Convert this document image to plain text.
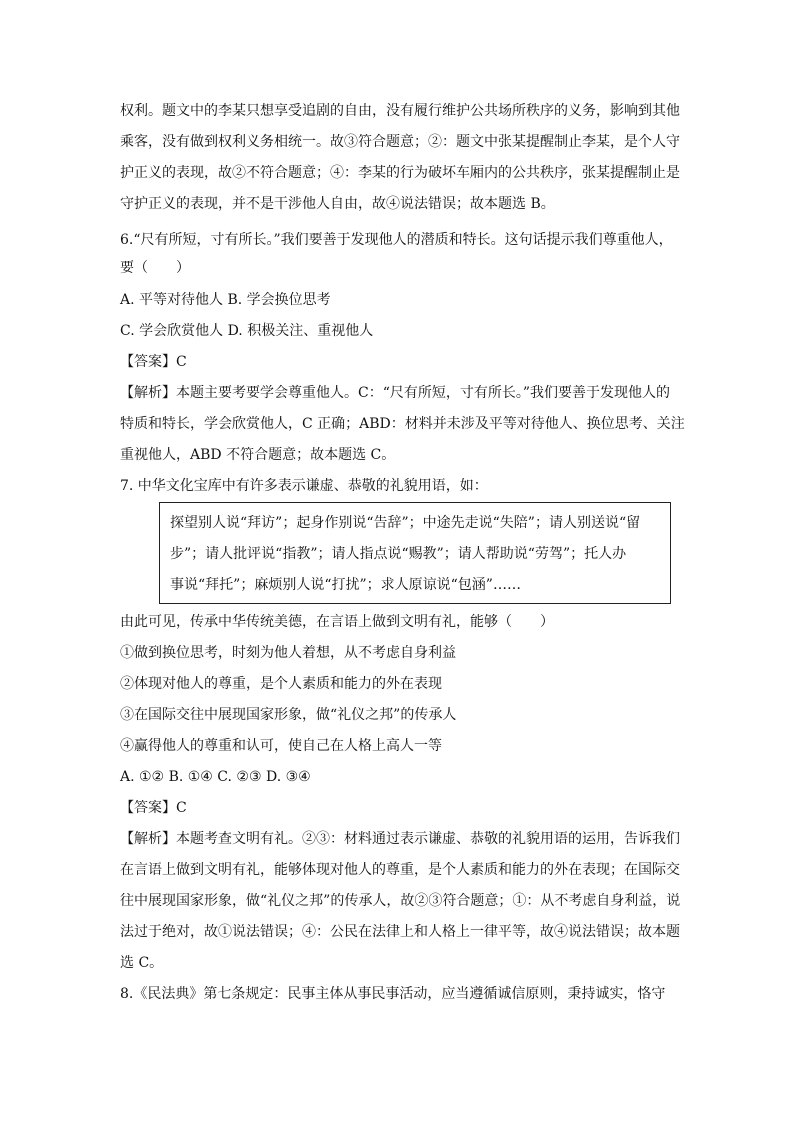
权利。题文中的李某只想享受追剧的自由，没有履行维护公共场所秩序的义务，影响到其他
乘客，没有做到权利义务相统一。故③符合题意；②：题文中张某提醒制止李某，是个人守
护正义的表现，故②不符合题意；④：李某的行为破坏车厢内的公共秩序，张某提醒制止是
守护正义的表现，并不是干涉他人自由，故④说法错误；故本题选 B。
6.“尺有所短，寸有所长。”我们要善于发现他人的潜质和特长。这句话提示我们尊重他人，
要（　　）
A. 平等对待他人 B. 学会换位思考
C. 学会欣赏他人 D. 积极关注、重视他人
【答案】C
【解析】本题主要考要学会尊重他人。C：“尺有所短，寸有所长。”我们要善于发现他人的
特质和特长，学会欣赏他人，C 正确；ABD：材料并未涉及平等对待他人、换位思考、关注
重视他人，ABD 不符合题意；故本题选 C。
7. 中华文化宝库中有许多表示谦虚、恭敬的礼貌用语，如：
探望别人说“拜访”；起身作别说“告辞”；中途先走说“失陪”；请人别送说“留
步”；请人批评说“指教”；请人指点说“赐教”；请人帮助说“劳驾”；托人办
事说“拜托”；麻烦别人说“打扰”；求人原谅说“包涵”……
由此可见，传承中华传统美德，在言语上做到文明有礼，能够（　　）
①做到换位思考，时刻为他人着想，从不考虑自身利益
②体现对他人的尊重，是个人素质和能力的外在表现
③在国际交往中展现国家形象，做“礼仪之邦”的传承人
④赢得他人的尊重和认可，使自己在人格上高人一等
A. ①② B. ①④ C. ②③ D. ③④
【答案】C
【解析】本题考查文明有礼。②③：材料通过表示谦虚、恭敬的礼貌用语的运用，告诉我们
在言语上做到文明有礼，能够体现对他人的尊重，是个人素质和能力的外在表现；在国际交
往中展现国家形象，做“礼仪之邦”的传承人，故②③符合题意；①：从不考虑自身利益，说
法过于绝对，故①说法错误；④：公民在法律上和人格上一律平等，故④说法错误；故本题
选 C。
8.《民法典》第七条规定：民事主体从事民事活动，应当遵循诚信原则，秉持诚实，恪守
